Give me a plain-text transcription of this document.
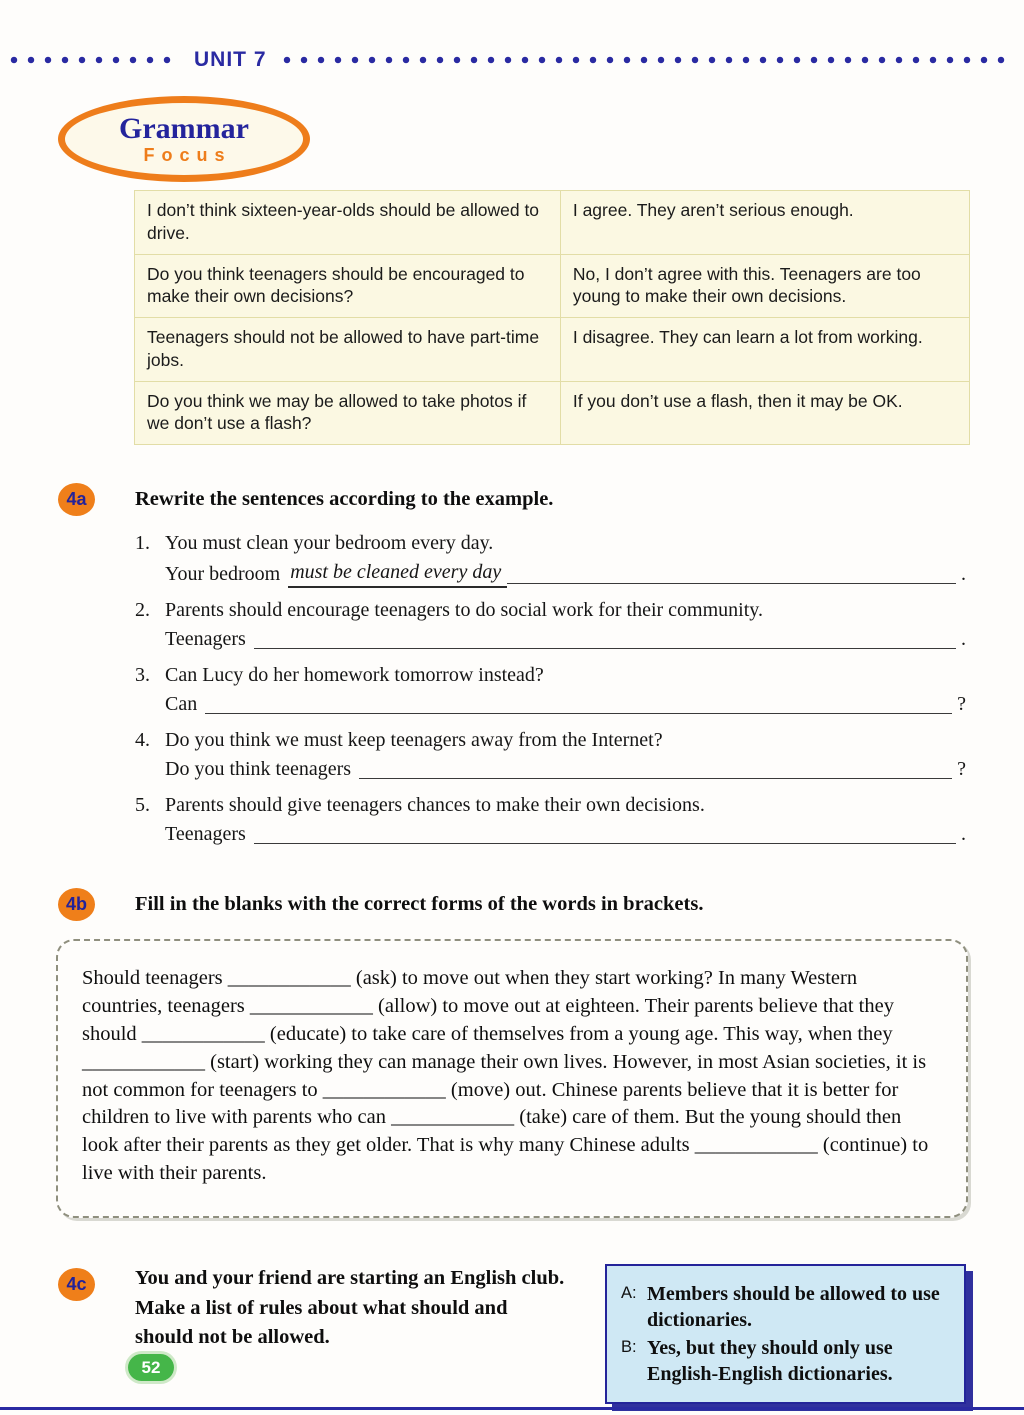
UNIT 7
Grammar
Focus
I don’t think sixteen-year-olds should be allowed to drive.	I agree. They aren’t serious enough.
Do you think teenagers should be encouraged to make their own decisions?	No, I don’t agree with this. Teenagers are too young to make their own decisions.
Teenagers should not be allowed to have part-time jobs.	I disagree. They can learn a lot from working.
Do you think we may be allowed to take photos if we don’t use a flash?	If you don’t use a flash, then it may be OK.
4a	Rewrite the sentences according to the example.
1. You must clean your bedroom every day.
Your bedroom must be cleaned every day	.
2. Parents should encourage teenagers to do social work for their community.
Teenagers	.
3. Can Lucy do her homework tomorrow instead?
Can	?
4. Do you think we must keep teenagers away from the Internet?
Do you think teenagers	?
5. Parents should give teenagers chances to make their own decisions.
Teenagers	.
4b	Fill in the blanks with the correct forms of the words in brackets.

Should teenagers ____________ (ask) to move out when they start working? In many Western countries, teenagers ____________ (allow) to move out at eighteen. Their parents believe that they should ____________ (educate) to take care of themselves from a young age. This way, when they ____________ (start) working they can manage their own lives. However, in most Asian societies, it is not common for teenagers to ____________ (move) out. Chinese parents believe that it is better for children to live with parents who can ____________ (take) care of them. But the young should then look after their parents as they get older. That is why many Chinese adults ____________ (continue) to live with their parents.

4c	You and your friend are starting an English club. Make a list of rules about what should and should not be allowed.
A: Members should be allowed to use dictionaries.
B: Yes, but they should only use English-English dictionaries.
52
